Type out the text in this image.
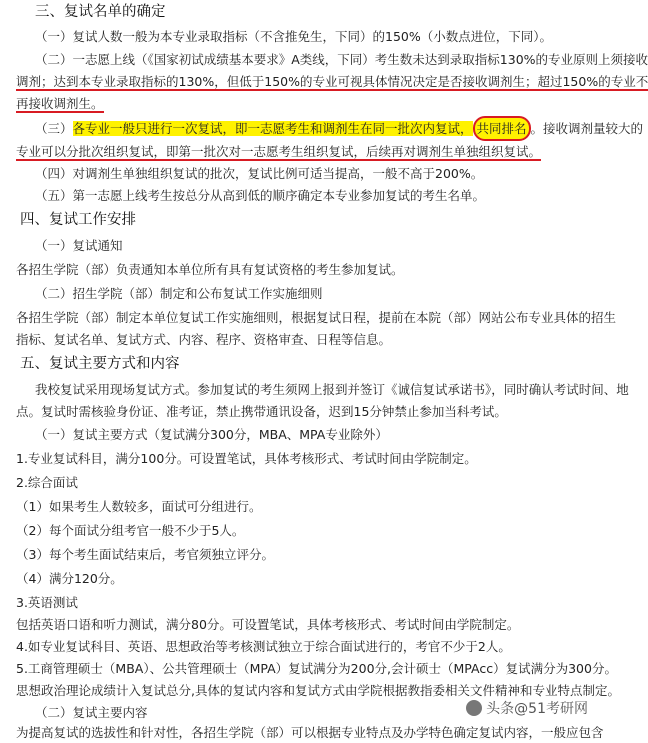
三、复试名单的确定
（一）复试人数一般为本专业录取指标（不含推免生，下同）的150%（小数点进位，下同）。
（二）一志愿上线（《国家初试成绩基本要求》A类线，下同）考生数未达到录取指标130%的专业原则上须接收
调剂；达到本专业录取指标的130%，但低于150%的专业可视具体情况决定是否接收调剂生；超过150%的专业不
再接收调剂生。
（三）各专业一般只进行一次复试，即一志愿考生和调剂生在同一批次内复试， 共同排名 。接收调剂量较大的
专业可以分批次组织复试，即第一批次对一志愿考生组织复试，后续再对调剂生单独组织复试。
（四）对调剂生单独组织复试的批次，复试比例可适当提高，一般不高于200%。
（五）第一志愿上线考生按总分从高到低的顺序确定本专业参加复试的考生名单。
四、复试工作安排
（一）复试通知
各招生学院（部）负责通知本单位所有具有复试资格的考生参加复试。
（二）招生学院（部）制定和公布复试工作实施细则
各招生学院（部）制定本单位复试工作实施细则，根据复试日程，提前在本院（部）网站公布专业具体的招生
指标、复试名单、复试方式、内容、程序、资格审查、日程等信息。
五、复试主要方式和内容
我校复试采用现场复试方式。参加复试的考生须网上报到并签订《诚信复试承诺书》，同时确认考试时间、地
点。复试时需核验身份证、准考证，禁止携带通讯设备，迟到15分钟禁止参加当科考试。
（一）复试主要方式（复试满分300分，MBA、MPA专业除外）
1.专业复试科目，满分100分。可设置笔试，具体考核形式、考试时间由学院制定。
2.综合面试
（1）如果考生人数较多，面试可分组进行。
（2）每个面试分组考官一般不少于5人。
（3）每个考生面试结束后，考官须独立评分。
（4）满分120分。
3.英语测试
包括英语口语和听力测试，满分80分。可设置笔试，具体考核形式、考试时间由学院制定。
4.如专业复试科目、英语、思想政治等考核测试独立于综合面试进行的，考官不少于2人。
5.工商管理硕士（MBA）、公共管理硕士（MPA）复试满分为200分,会计硕士（MPAcc）复试满分为300分。
思想政治理论成绩计入复试总分,具体的复试内容和复试方式由学院根据教指委相关文件精神和专业特点制定。
（二）复试主要内容
为提高复试的选拔性和针对性，各招生学院（部）可以根据专业特点及办学特色确定复试内容，一般应包含
头条@51考研网
